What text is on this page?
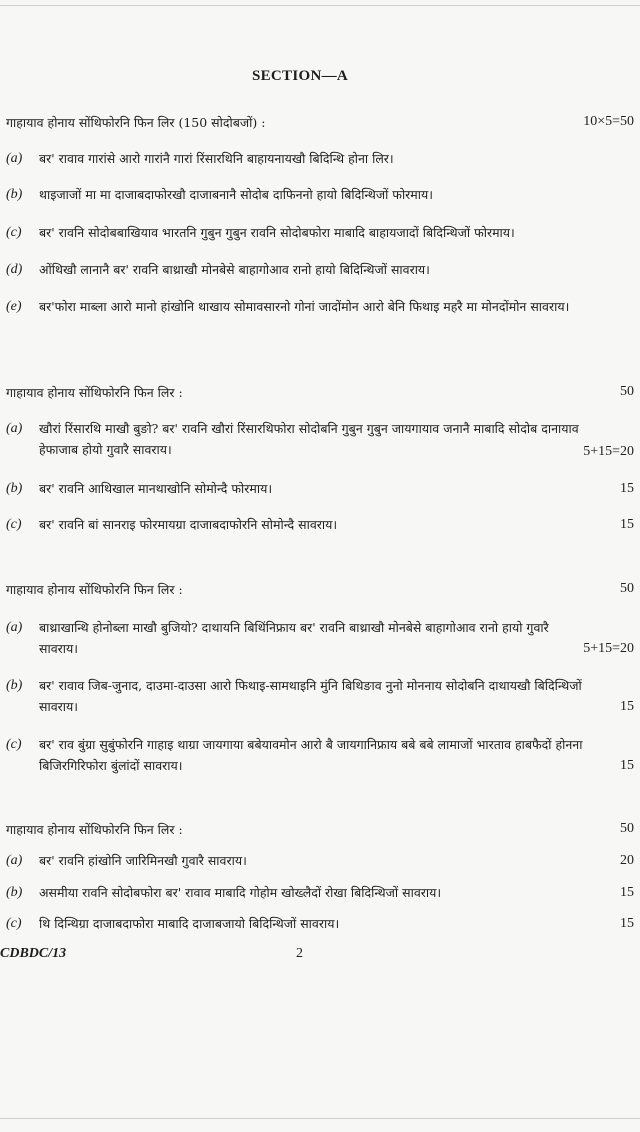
SECTION—A
गाहायाव होनाय सोंथिफोरनि फिन लिर (150 सोदोबजों) :	10×5=50
(a) बर' रावाव गारांसे आरो गारांनै गारां रिंसारथिनि बाहायनायखौ बिदिन्थि होना लिर।
(b) थाइजाजों मा मा दाजाबदाफोरखौ दाजाबनानै सोदोब दाफिननो हायो बिदिन्थिजों फोरमाय।
(c) बर' रावनि सोदोबबाखियाव भारतनि गुबुन गुबुन रावनि सोदोबफोरा माबादि बाहायजादों बिदिन्थिजों फोरमाय।
(d) ओंथिखौ लानानै बर' रावनि बाथ्राखौ मोनबेसे बाहागोआव रानो हायो बिदिन्थिजों सावराय।
(e) बर'फोरा माब्ला आरो मानो हांखोनि थाखाय सोमावसारनो गोनां जादोंमोन आरो बेनि फिथाइ महरै मा मोनदोंमोन सावराय।
गाहायाव होनाय सोंथिफोरनि फिन लिर :	50
(a) खौरां रिंसारथि माखौ बुङो? बर' रावनि खौरां रिंसारथिफोरा सोदोबनि गुबुन गुबुन जायगायाव जनानै माबादि सोदोब दानायाव हेफाजाब होयो गुवारै सावराय।	5+15=20
(b) बर' रावनि आथिखाल मानथाखोनि सोमोन्दै फोरमाय।	15
(c) बर' रावनि बां सानराइ फोरमायग्रा दाजाबदाफोरनि सोमोन्दै सावराय।	15
गाहायाव होनाय सोंथिफोरनि फिन लिर :	50
(a) बाथ्राखान्थि होनोब्ला माखौ बुजियो? दाथायनि बिथिंनिफ्राय बर' रावनि बाथ्राखौ मोनबेसे बाहागोआव रानो हायो गुवारै सावराय।	5+15=20
(b) बर' रावाव जिब-जुनाद, दाउमा-दाउसा आरो फिथाइ-सामथाइनि मुंनि बिथिङाव नुनो मोननाय सोदोबनि दाथायखौ बिदिन्थिजों सावराय।	15
(c) बर' राव बुंग्रा सुबुंफोरनि गाहाइ थाग्रा जायगाया बबेयावमोन आरो बै जायगानिफ्राय बबे बबे लामाजों भारताव हाबफैदों होनना बिजिरगिरिफोरा बुंलांदों सावराय।	15
गाहायाव होनाय सोंथिफोरनि फिन लिर :	50
(a) बर' रावनि हांखोनि जारिमिनखौ गुवारै सावराय।	20
(b) असमीया रावनि सोदोबफोरा बर' रावाव माबादि गोहोम खोख्लैदों रोखा बिदिन्थिजों सावराय।	15
(c) थि दिन्थिग्रा दाजाबदाफोरा माबादि दाजाबजायो बिदिन्थिजों सावराय।	15
CDBDC/13	2
